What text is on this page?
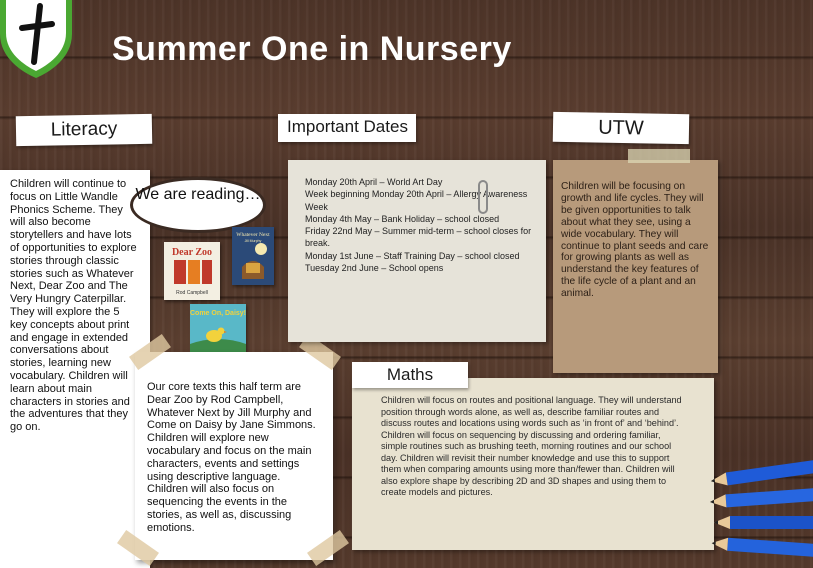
Summer One in Nursery
Literacy
Children will continue to focus on Little Wandle Phonics Scheme. They will also become storytellers and have lots of opportunities to explore stories through classic stories such as Whatever Next, Dear Zoo and The Very Hungry Caterpillar. They will explore the 5 key concepts about print and engage in extended conversations about stories, learning new vocabulary. Children will learn about main characters in stories and the adventures that they go on.
We are reading…
Dear Zoo
Rod Campbell
Whatever Next
Jill Murphy
Come On, Daisy!
Our core texts this half term are Dear Zoo by Rod Campbell, Whatever Next by Jill Murphy and Come on Daisy by Jane Simmons. Children will explore new vocabulary and focus on the main characters, events and settings using descriptive language. Children will also focus on sequencing the events in the stories, as well as, discussing emotions.
Important Dates

Monday 20th April – World Art Day

Week beginning Monday 20th April – Allergy Awareness Week

Monday 4th May – Bank Holiday – school closed

Friday 22nd May – Summer mid-term – school closes for break.

Monday 1st June – Staff Training Day – school closed

Tuesday 2nd June – School opens

UTW
Children will be focusing on growth and life cycles. They will be given opportunities to talk about what they see, using a wide vocabulary. They will continue to plant seeds and care for growing plants as well as understand the key features of the life cycle of a plant and an animal.
Maths
Children will focus on routes and positional language. They will understand position through words alone, as well as, describe familiar routes and discuss routes and locations using words such as ‘in front of’ and ‘behind’. Children will focus on sequencing by discussing and ordering familiar, simple routines such as brushing teeth, morning routines and our school day. Children will revisit their number knowledge and use this to support them when comparing amounts using more than/fewer than. Children will also explore shape by describing 2D and 3D shapes and using them to create models and pictures.
